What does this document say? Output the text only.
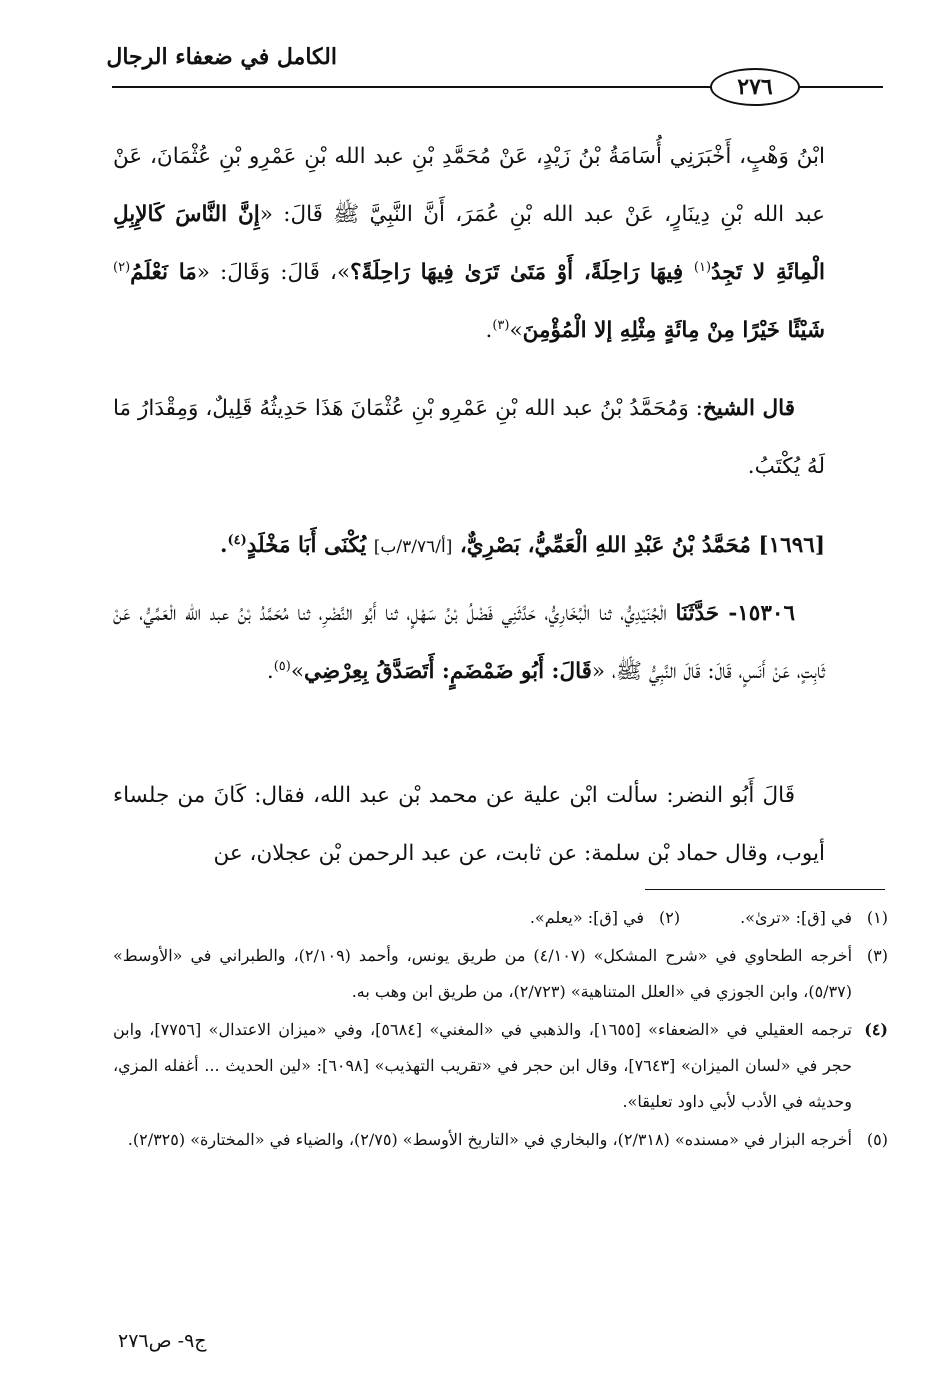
الكامل في ضعفاء الرجال
٢٧٦
ابْنُ وَهْبٍ، أَخْبَرَنِي أُسَامَةُ بْنُ زَيْدٍ، عَنْ مُحَمَّدِ بْنِ عبد الله بْنِ عَمْرِو بْنِ عُثْمَانَ، عَنْ عبد الله بْنِ دِينَارٍ، عَنْ عبد الله بْنِ عُمَرَ، أَنَّ النَّبِيَّ ﷺ قَالَ: «إِنَّ النَّاسَ كَالإِبِلِ الْمِائَةِ لا تَجِدُ$^{(١)}$ فِيهَا رَاحِلَةً، أَوْ مَتَىٰ تَرَىٰ فِيهَا رَاحِلَةً؟»، قَالَ: وَقَالَ: «مَا نَعْلَمُ$^{(٢)}$ شَيْئًا خَيْرًا مِنْ مِائَةٍ مِثْلِهِ إلا الْمُؤْمِنَ»$^{(٣)}$.
قال الشيخ: وَمُحَمَّدُ بْنُ عبد الله بْنِ عَمْرِو بْنِ عُثْمَانَ هَذَا حَدِيثُهُ قَلِيلٌ، وَمِقْدَارُ مَا لَهُ يُكْتَبُ.
[١٦٩٦] مُحَمَّدُ بْنُ عَبْدِ اللهِ الْعَمِّيُّ، بَصْرِيٌّ، [أ/٣/٧٦/ب] يُكْنَى أَبَا مَخْلَدٍ$^{(٤)}$.
١٥٣٠٦- حَدَّثَنَا الْجُنَيْدِيُّ، ثنا الْبُخَارِيُّ، حَدَّثَنِي فَضْلُ بْنُ سَهْلٍ، ثنا أَبُو النَّضْرِ، ثنا مُحَمَّدُ بْنُ عبد الله الْعَمِّيُّ، عَنْ ثَابِتٍ، عَنْ أَنَسٍ، قَالَ: قَالَ النَّبِيُّ ﷺ، «قَالَ: أَبُو ضَمْضَمٍ: أَتَصَدَّقُ بِعِرْضِي»$^{(٥)}$.
قَالَ أَبُو النضر: سألت ابْن علية عن محمد بْن عبد الله، فقال: كَانَ من جلساء أيوب، وقال حماد بْن سلمة: عن ثابت، عن عبد الرحمن بْن عجلان، عن
(١)
في [ق]: «ترىٰ».
(٢)
في [ق]: «يعلم».
(٣)
أخرجه الطحاوي في «شرح المشكل» (٤/١٠٧) من طريق يونس، وأحمد (٢/١٠٩)، والطبراني في «الأوسط» (٥/٣٧)، وابن الجوزي في «العلل المتناهية» (٢/٧٢٣)، من طريق ابن وهب به.
(٤)
ترجمه العقيلي في «الضعفاء» [١٦٥٥]، والذهبي في «المغني» [٥٦٨٤]، وفي «ميزان الاعتدال» [٧٧٥٦]، وابن حجر في «لسان الميزان» [٧٦٤٣]، وقال ابن حجر في «تقريب التهذيب» [٦٠٩٨]: «لين الحديث ... أغفله المزي، وحديثه في الأدب لأبي داود تعليقا».
(٥)
أخرجه البزار في «مسنده» (٢/٣١٨)، والبخاري في «التاريخ الأوسط» (٢/٧٥)، والضياء في «المختارة» (٢/٣٢٥).
ج٩- ص٢٧٦
